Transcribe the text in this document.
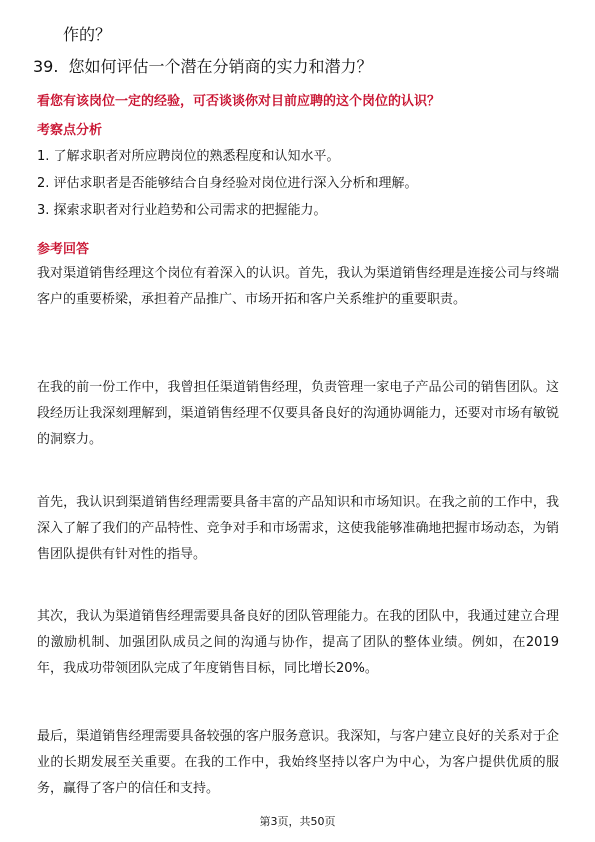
作的？
39. 您如何评估一个潜在分销商的实力和潜力？
看您有该岗位一定的经验，可否谈谈你对目前应聘的这个岗位的认识？
考察点分析
1. 了解求职者对所应聘岗位的熟悉程度和认知水平。
2. 评估求职者是否能够结合自身经验对岗位进行深入分析和理解。
3. 探索求职者对行业趋势和公司需求的把握能力。
参考回答

我对渠道销售经理这个岗位有着深入的认识。首先，我认为渠道销售经理是连接公司与终端客户的重要桥梁，承担着产品推广、市场开拓和客户关系维护的重要职责。

在我的前一份工作中，我曾担任渠道销售经理，负责管理一家电子产品公司的销售团队。这段经历让我深刻理解到，渠道销售经理不仅要具备良好的沟通协调能力，还要对市场有敏锐的洞察力。

首先，我认识到渠道销售经理需要具备丰富的产品知识和市场知识。在我之前的工作中，我深入了解了我们的产品特性、竞争对手和市场需求，这使我能够准确地把握市场动态，为销售团队提供有针对性的指导。

其次，我认为渠道销售经理需要具备良好的团队管理能力。在我的团队中，我通过建立合理的激励机制、加强团队成员之间的沟通与协作，提高了团队的整体业绩。例如，在2019年，我成功带领团队完成了年度销售目标，同比增长20%。

最后，渠道销售经理需要具备较强的客户服务意识。我深知，与客户建立良好的关系对于企业的长期发展至关重要。在我的工作中，我始终坚持以客户为中心，为客户提供优质的服务，赢得了客户的信任和支持。

第3页，共50页
